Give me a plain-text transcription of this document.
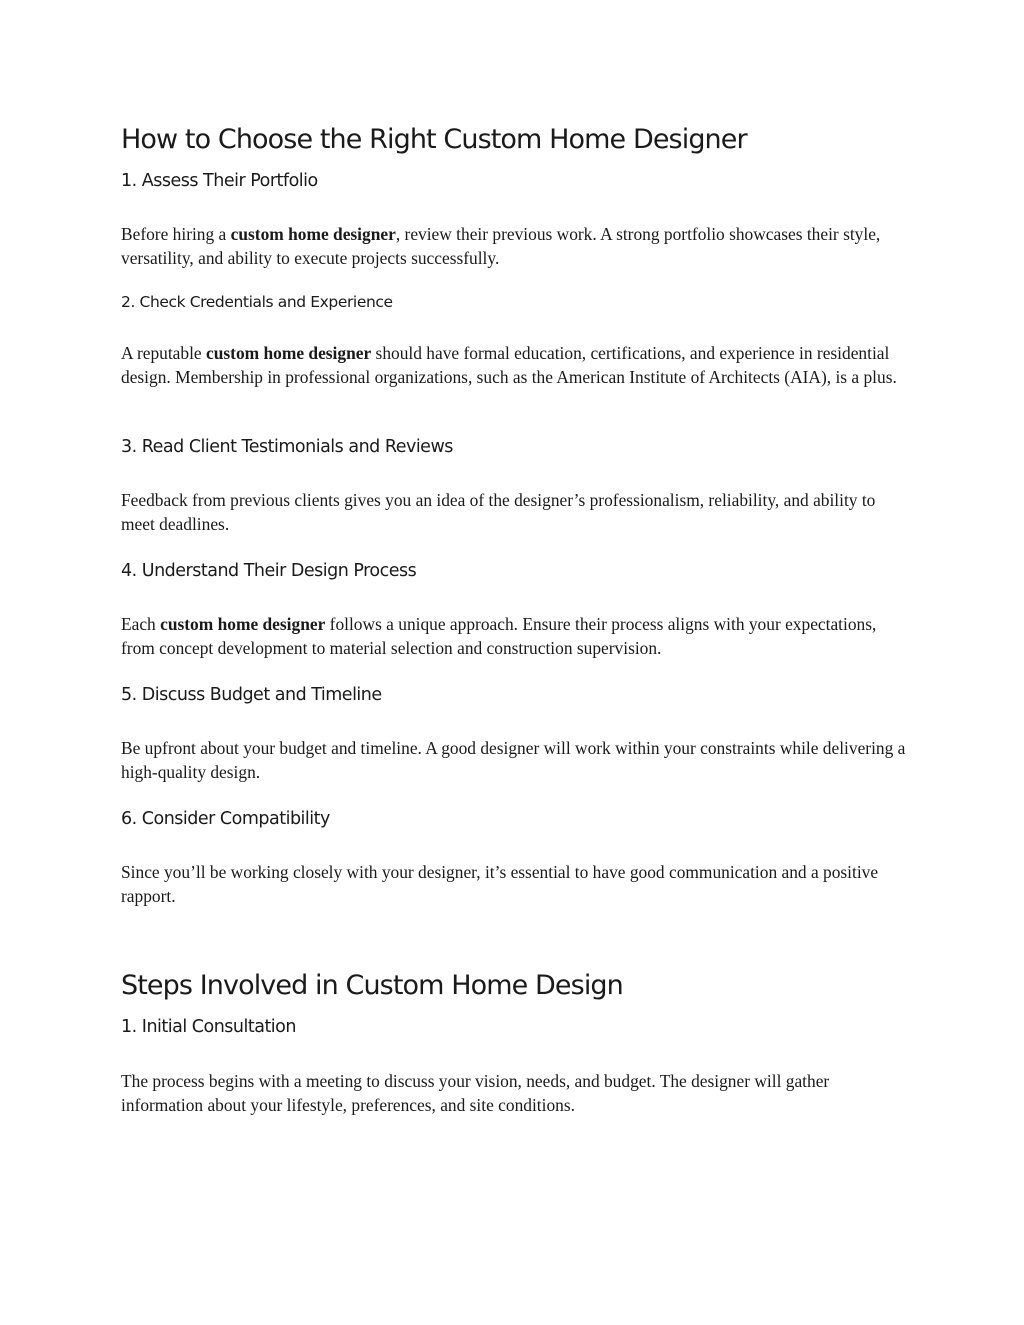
How to Choose the Right Custom Home Designer
1. Assess Their Portfolio

Before hiring a custom home designer, review their previous work. A strong portfolio showcases their style, versatility, and ability to execute projects successfully.

2. Check Credentials and Experience

A reputable custom home designer should have formal education, certifications, and experience in residential design. Membership in professional organizations, such as the American Institute of Architects (AIA), is a plus.

3. Read Client Testimonials and Reviews

Feedback from previous clients gives you an idea of the designer’s professionalism, reliability, and ability to meet deadlines.

4. Understand Their Design Process

Each custom home designer follows a unique approach. Ensure their process aligns with your expectations, from concept development to material selection and construction supervision.

5. Discuss Budget and Timeline

Be upfront about your budget and timeline. A good designer will work within your constraints while delivering a high-quality design.

6. Consider Compatibility

Since you’ll be working closely with your designer, it’s essential to have good communication and a positive rapport.

Steps Involved in Custom Home Design
1. Initial Consultation

The process begins with a meeting to discuss your vision, needs, and budget. The designer will gather information about your lifestyle, preferences, and site conditions.
